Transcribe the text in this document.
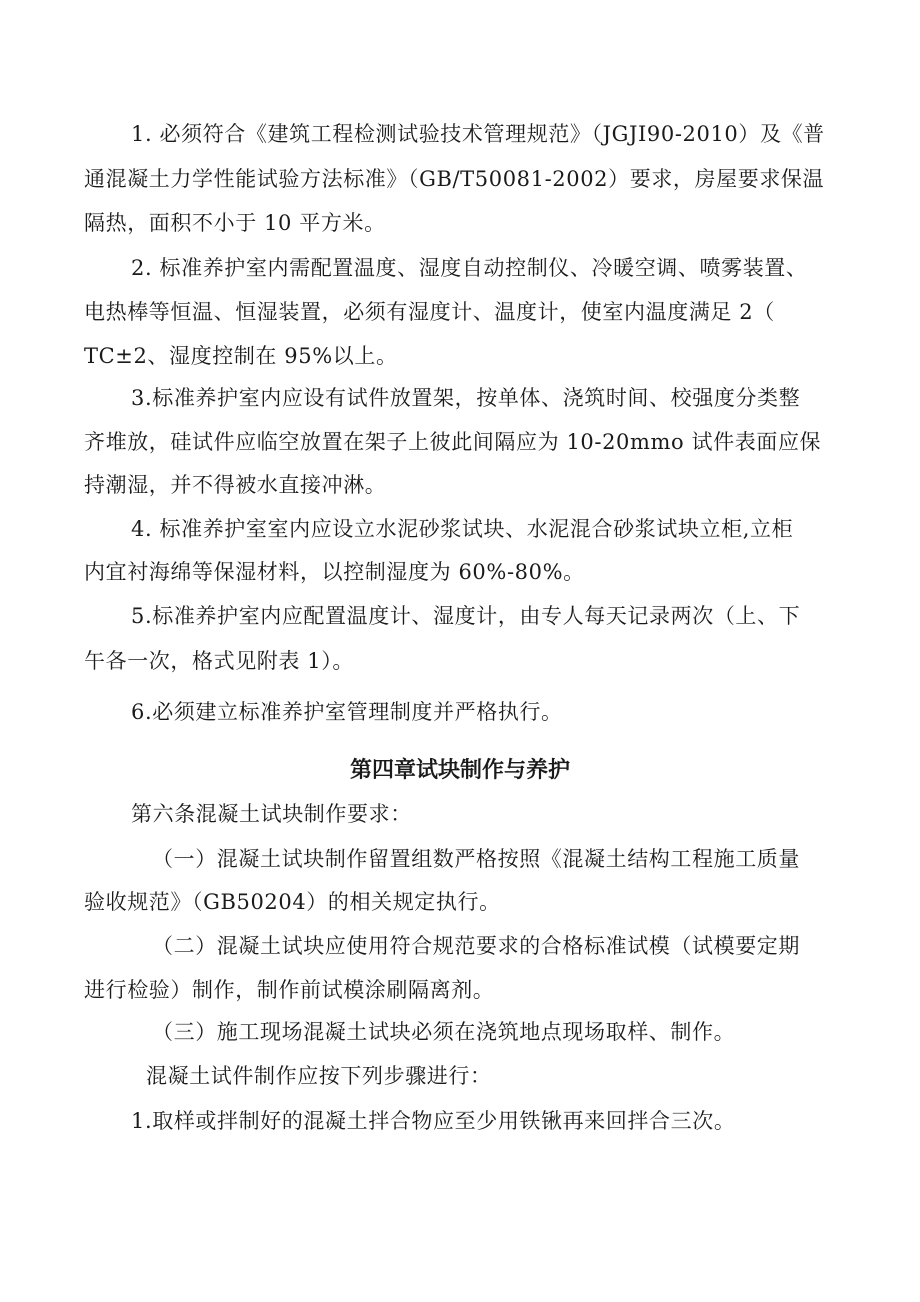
1. 必须符合《建筑工程检测试验技术管理规范》（JGJI90-2010）及《普

通混凝土力学性能试验方法标准》（GB/T50081-2002）要求，房屋要求保温

隔热，面积不小于 10 平方米。

2. 标准养护室内需配置温度、湿度自动控制仪、冷暖空调、喷雾装置、

电热棒等恒温、恒湿装置，必须有湿度计、温度计，使室内温度满足 2（

TC±2、湿度控制在 95%以上。

3.标准养护室内应设有试件放置架，按单体、浇筑时间、校强度分类整

齐堆放，硅试件应临空放置在架子上彼此间隔应为 10-20mmo 试件表面应保

持潮湿，并不得被水直接冲淋。

4. 标准养护室室内应设立水泥砂浆试块、水泥混合砂浆试块立柜,立柜

内宜衬海绵等保湿材料，以控制湿度为 60%-80%。

5.标准养护室内应配置温度计、湿度计，由专人每天记录两次（上、下

午各一次，格式见附表 1）。

6.必须建立标准养护室管理制度并严格执行。

第四章试块制作与养护

第六条混凝土试块制作要求：

（一）混凝土试块制作留置组数严格按照《混凝土结构工程施工质量

验收规范》（GB50204）的相关规定执行。

（二）混凝土试块应使用符合规范要求的合格标准试模（试模要定期

进行检验）制作，制作前试模涂刷隔离剂。

（三）施工现场混凝土试块必须在浇筑地点现场取样、制作。

混凝土试件制作应按下列步骤进行：

1.取样或拌制好的混凝土拌合物应至少用铁锹再来回拌合三次。
